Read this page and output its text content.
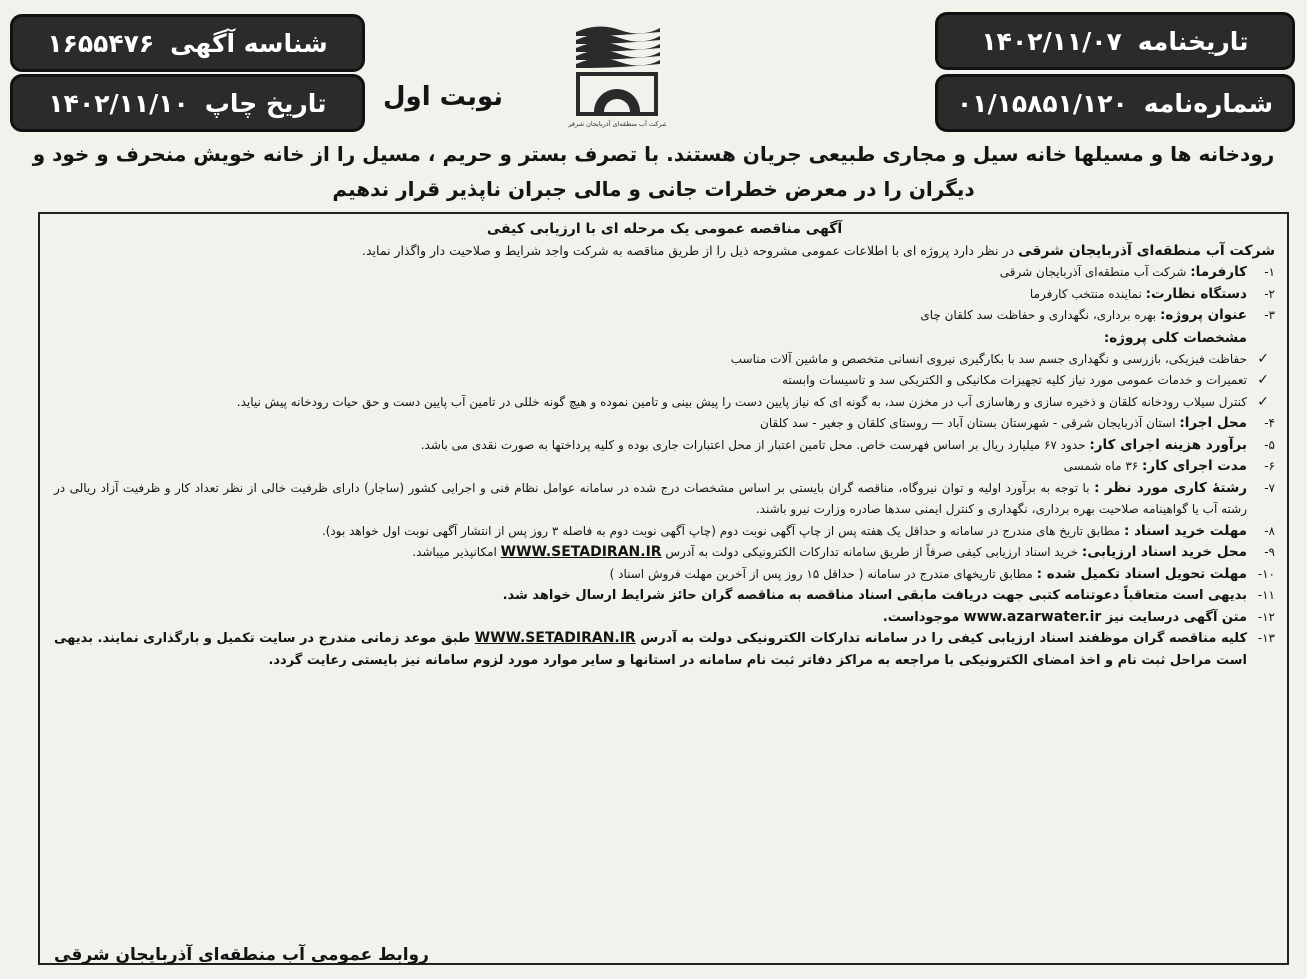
تاریخنامه
۱۴۰۲/۱۱/۰۷
شماره‌نامه
۰۱/۱۵۸۵۱/۱۲۰
شناسه آگهی
۱۶۵۵۴۷۶
تاریخ چاپ
۱۴۰۲/۱۱/۱۰	نوبت اول
شرکت آب منطقه‌ای آذربایجان شرقی
رودخانه ها و مسیلها خانه سیل و مجاری طبیعی جریان هستند. با تصرف بستر و حریم ، مسیل را از خانه خویش منحرف و خود و
دیگران را در معرض خطرات جانی و مالی جبران ناپذیر قرار ندهیم
آگهی مناقصه عمومی یک مرحله ای با ارزیابی کیفی
شرکت آب منطقه‌ای آذربایجان شرقی در نظر دارد پروژه ای با اطلاعات عمومی مشروحه ذیل را از طریق مناقصه به شرکت واجد شرایط و صلاحیت دار واگذار نماید.
۱-
کارفرما: شرکت آب منطقه‌ای آذربایجان شرقی
۲-
دستگاه نظارت: نماینده منتخب کارفرما
۳-
عنوان پروژه: بهره برداری، نگهداری و حفاظت سد کلقان چای
مشخصات کلی پروژه:
✓
حفاظت فیزیکی، بازرسی و نگهداری جسم سد با بکارگیری نیروی انسانی متخصص و ماشین آلات مناسب
✓
تعمیرات و خدمات عمومی مورد نیاز کلیه تجهیزات مکانیکی و الکتریکی سد و تاسیسات وابسته
✓
کنترل سیلاب رودخانه کلقان و ذخیره سازی و رهاسازی آب در مخزن سد، به گونه ای که نیاز پایین دست را پیش بینی و تامین نموده و هیچ گونه خللی در تامین آب پایین دست و حق حیات رودخانه پیش نیاید.
۴-
محل اجرا: استان آذربایجان شرقی - شهرستان بستان آباد — روستای کلقان و جغیر - سد کلقان
۵-
برآورد هزینه اجرای کار: حدود ۶۷ میلیارد ریال بر اساس فهرست خاص. محل تامین اعتبار از محل اعتبارات جاری بوده و کلیه پرداختها به صورت نقدی می باشد.
۶-
مدت اجرای کار: ۳۶ ماه شمسی
۷-
رشتهٔ کاری مورد نظر : با توجه به برآورد اولیه و توان نیروگاه، مناقصه گران بایستی بر اساس مشخصات درج شده در سامانه عوامل نظام فنی و اجرایی کشور (ساجار) دارای ظرفیت خالی از نظر تعداد کار و ظرفیت آزاد ریالی در رشته آب یا گواهینامه صلاحیت بهره برداری، نگهداری و کنترل ایمنی سدها صادره وزارت نیرو باشند.
۸-
مهلت خرید اسناد : مطابق تاریخ های مندرج در سامانه و حداقل یک هفته پس از چاپ آگهی نوبت دوم (چاپ آگهی نوبت دوم به فاصله ۳ روز پس از انتشار آگهی نوبت اول خواهد بود).
۹-
محل خرید اسناد ارزیابی: خرید اسناد ارزیابی کیفی صرفاً از طریق سامانه تدارکات الکترونیکی دولت به آدرس WWW.SETADIRAN.IR امکانپذیر میباشد.
۱۰-
مهلت تحویل اسناد تکمیل شده : مطابق تاریخهای مندرج در سامانه ( حداقل ۱۵ روز پس از آخرین مهلت فروش اسناد )
۱۱-
بدیهی است متعاقباً دعوتنامه کتبی جهت دریافت مابقی اسناد مناقصه به مناقصه گران حائز شرایط ارسال خواهد شد.
۱۲-
متن آگهی درسایت نیز www.azarwater.ir موجوداست.
۱۳-
کلیه مناقصه گران موظفند اسناد ارزیابی کیفی را در سامانه تدارکات الکترونیکی دولت به آدرس WWW.SETADIRAN.IR طبق موعد زمانی مندرج در سایت تکمیل و بارگذاری نمایند. بدیهی است مراحل ثبت نام و اخذ امضای الکترونیکی با مراجعه به مراکز دفاتر ثبت نام سامانه در استانها و سایر موارد مورد لزوم سامانه نیز بایستی رعایت گردد.
روابط عمومی آب منطقه‌ای آذربایجان شرقی
